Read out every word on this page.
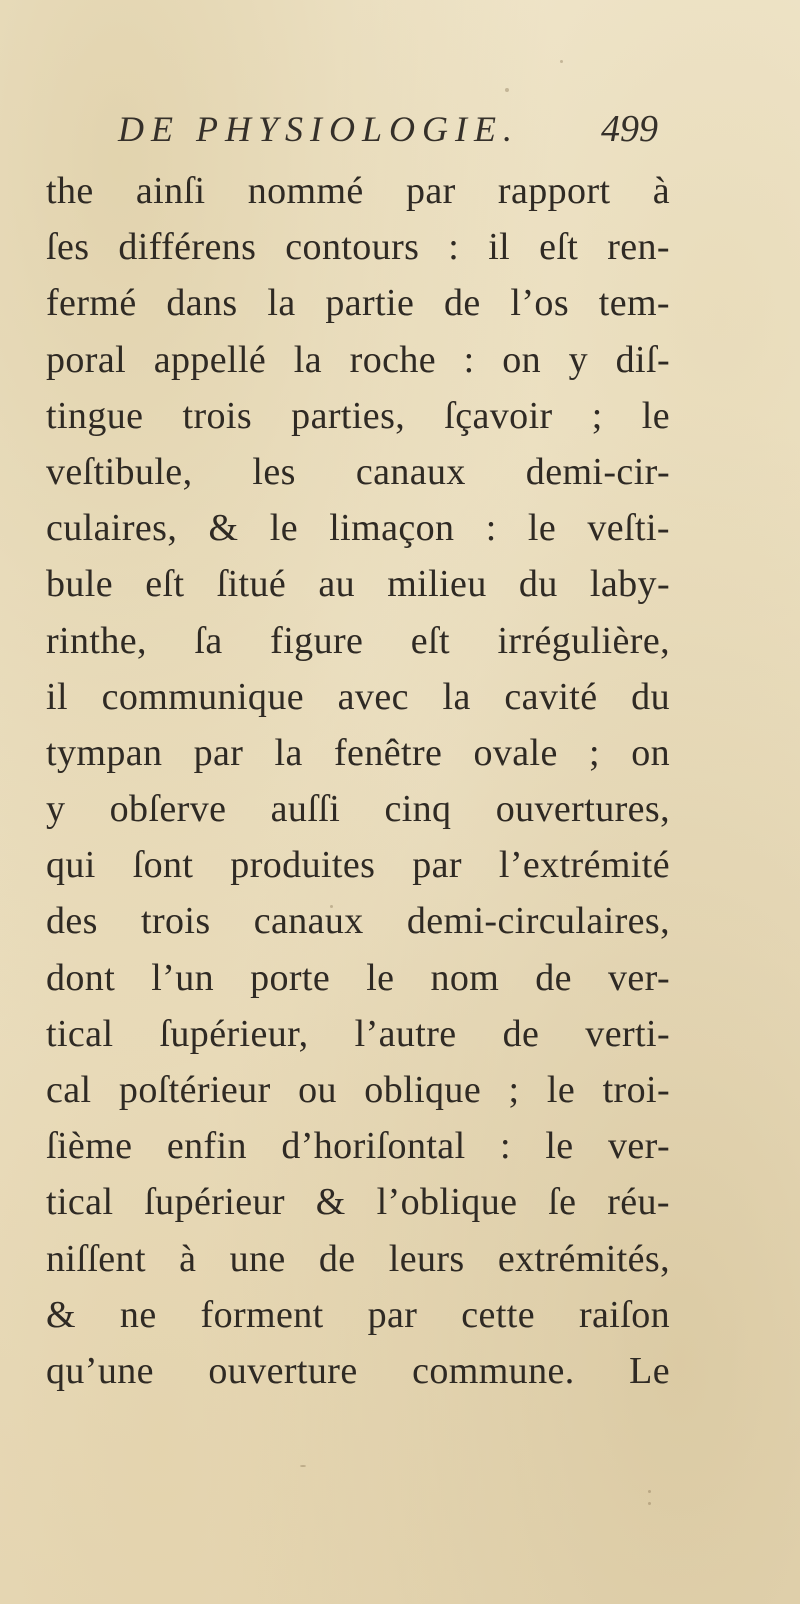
DE PHYSIOLOGIE. 499
the ainſi nommé par rapport à
ſes différens contours : il eſt ren-
fermé dans la partie de l’os tem-
poral appellé la roche : on y diſ-
tingue trois parties, ſçavoir ; le
veſtibule, les canaux demi-cir-
culaires, & le limaçon : le veſti-
bule eſt ſitué au milieu du laby-
rinthe, ſa figure eſt irrégulière,
il communique avec la cavité du
tympan par la fenêtre ovale ; on
y obſerve auſſi cinq ouvertures,
qui ſont produites par l’extrémité
des trois canaux demi-circulaires,
dont l’un porte le nom de ver-
tical ſupérieur, l’autre de verti-
cal poſtérieur ou oblique ; le troi-
ſième enfin d’horiſontal : le ver-
tical ſupérieur & l’oblique ſe réu-
niſſent à une de leurs extrémités,
& ne forment par cette raiſon
qu’une ouverture commune. Le
